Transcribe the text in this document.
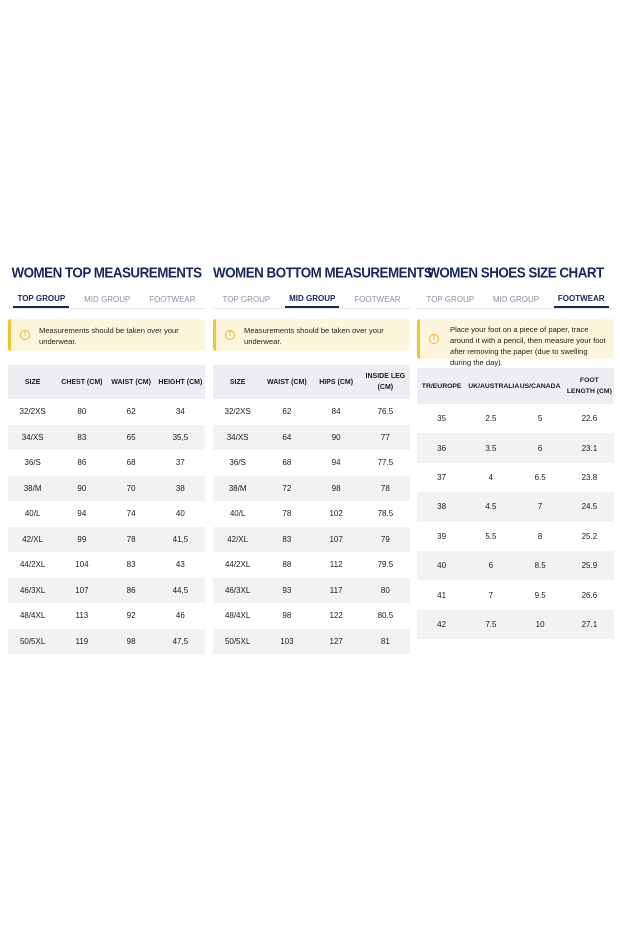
WOMEN TOP MEASUREMENTS
TOP GROUP	MID GROUP	FOOTWEAR
!	Measurements should be taken over your underwear.
SIZE	CHEST (CM)	WAIST (CM)	HEIGHT (CM)
32/2XS	80	62	34
34/XS	83	65	35,5
36/S	86	68	37
38/M	90	70	38
40/L	94	74	40
42/XL	99	78	41,5
44/2XL	104	83	43
46/3XL	107	86	44,5
48/4XL	113	92	46
50/5XL	119	98	47,5
WOMEN BOTTOM MEASUREMENTS
TOP GROUP	MID GROUP	FOOTWEAR
!	Measurements should be taken over your underwear.
SIZE	WAIST (CM)	HIPS (CM)	INSIDE LEG (CM)
32/2XS	62	84	76.5
34/XS	64	90	77
36/S	68	94	77.5
38/M	72	98	78
40/L	78	102	78.5
42/XL	83	107	79
44/2XL	88	112	79.5
46/3XL	93	117	80
48/4XL	98	122	80.5
50/5XL	103	127	81
WOMEN SHOES SIZE CHART
TOP GROUP	MID GROUP	FOOTWEAR
!
Place your foot on a piece of paper, trace around it with a pencil, then measure your foot after removing the paper (due to swelling during the day).
TR/EUROPE	UK/AUSTRALIA	US/CANADA	FOOT LENGTH (CM)
35	2.5	5	22.6
36	3.5	6	23.1
37	4	6.5	23.8
38	4.5	7	24.5
39	5.5	8	25.2
40	6	8.5	25.9
41	7	9.5	26.6
42	7.5	10	27.1
